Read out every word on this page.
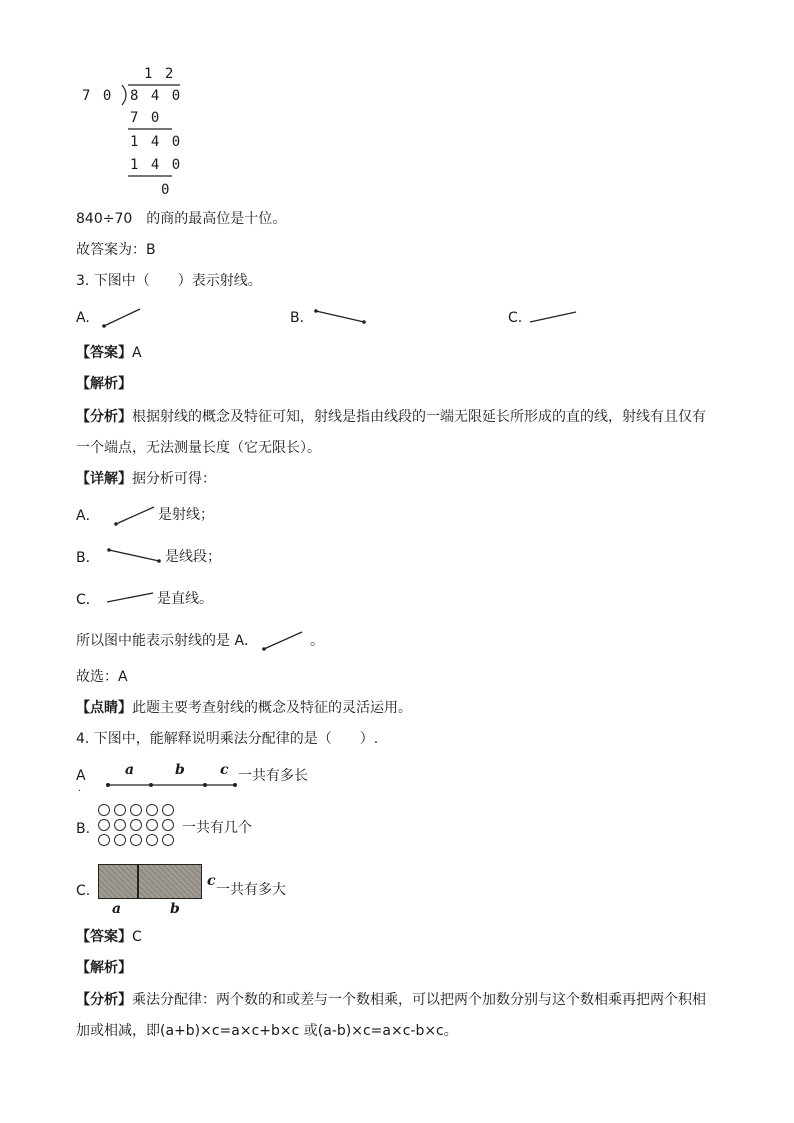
1 2
7 0 8 4 0
7 0
1 4 0
1 4 0
0
840÷70　的商的最高位是十位。
故答案为：B
3. 下图中（　　）表示射线。
A.	B.	C.
【答案】A
【解析】
【分析】根据射线的概念及特征可知，射线是指由线段的一端无限延长所形成的直的线，射线有且仅有
一个端点，无法测量长度（它无限长）。
【详解】据分析可得：
A．	是射线；
B．	是线段；
C．	是直线。
所以图中能表示射线的是 A．	。
故选：A
【点睛】此题主要考查射线的概念及特征的灵活运用。
4. 下图中，能解释说明乘法分配律的是（　　）.
A
.
a	b	c 一共有多长
B.	一共有几个
C.
a	b
c
一共有多大
【答案】C
【解析】
【分析】乘法分配律：两个数的和或差与一个数相乘，可以把两个加数分别与这个数相乘再把两个积相
加或相减，即(a+b)×c=a×c+b×c 或(a-b)×c=a×c-b×c。
